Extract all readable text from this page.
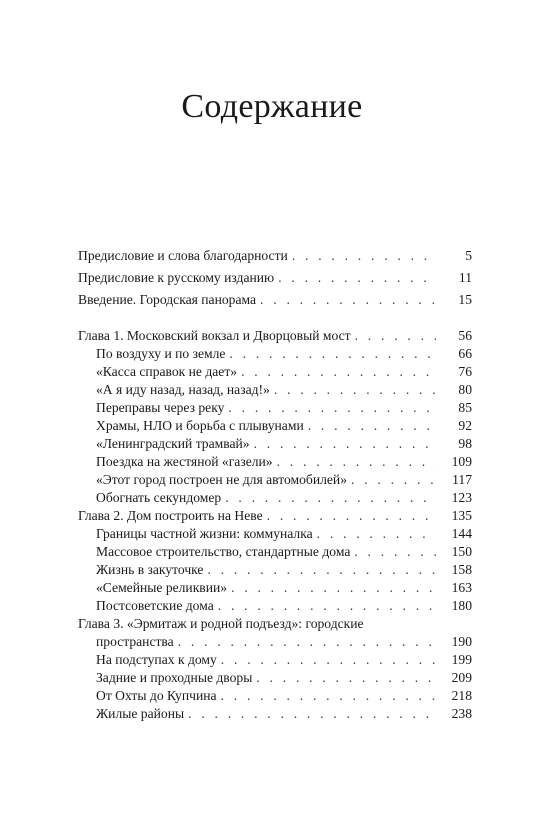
Содержание
Предисловие и слова благодарности . . .	5
Предисловие к русскому изданию . . .	11
Введение. Городская панорама . . .	15
Глава 1. Московский вокзал и Дворцовый мост . . .	56
По воздуху и по земле . . .	66
«Касса справок не дает» . . .	76
«А я иду назад, назад, назад!» . . .	80
Переправы через реку . . .	85
Храмы, НЛО и борьба с плывунами . . .	92
«Ленинградский трамвай» . . .	98
Поездка на жестяной «газели» . . .	109
«Этот город построен не для автомобилей» . . .	117
Обогнать секундомер . . .	123
Глава 2. Дом построить на Неве . . .	135
Границы частной жизни: коммуналка . . .	144
Массовое строительство, стандартные дома . . .	150
Жизнь в закуточке . . .	158
«Семейные реликвии» . . .	163
Постсоветские дома . . .	180
Глава 3. «Эрмитаж и родной подъезд»: городские
пространства . . .	190
На подступах к дому . . .	199
Задние и проходные дворы . . .	209
От Охты до Купчина . . .	218
Жилые районы . . .	238
